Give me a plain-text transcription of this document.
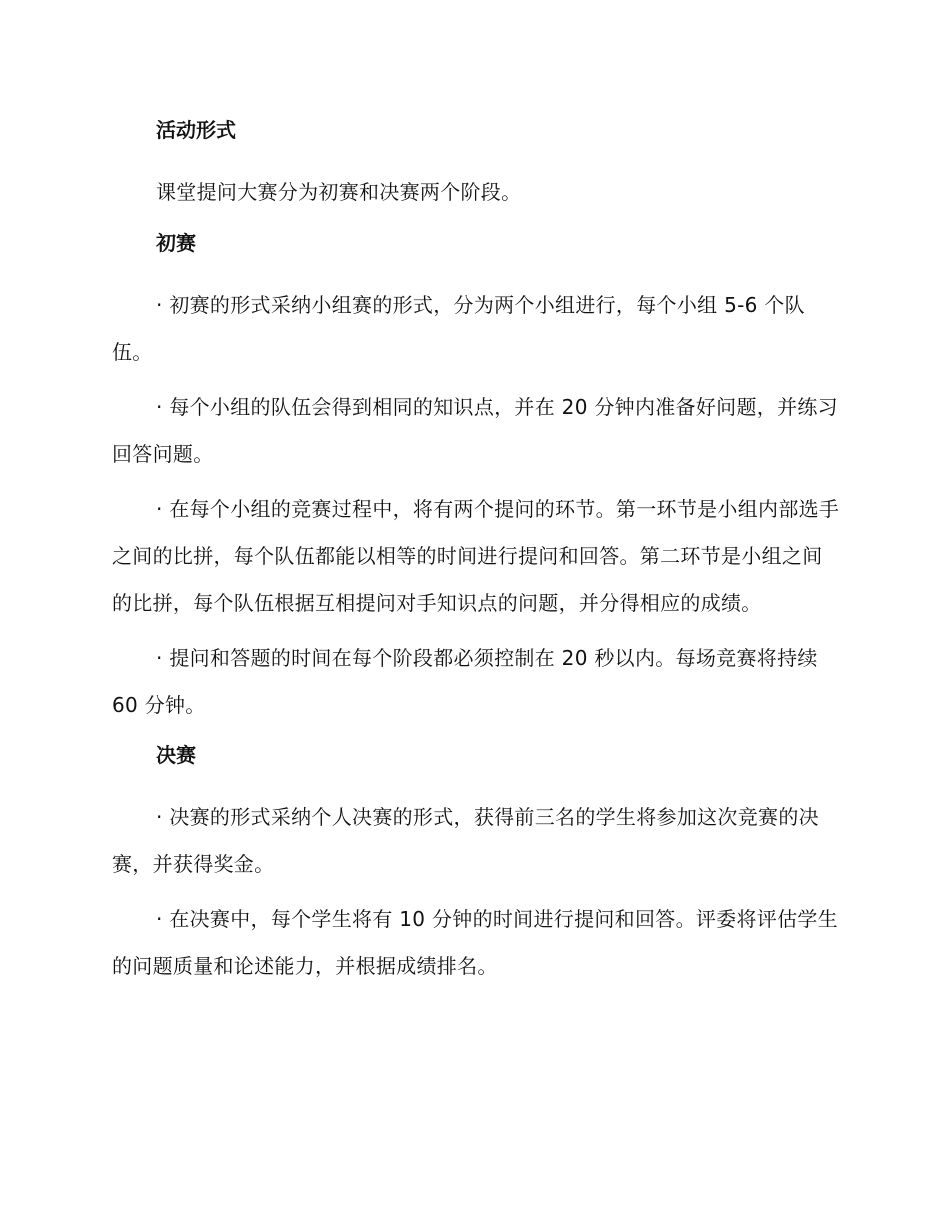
活动形式
课堂提问大赛分为初赛和决赛两个阶段。
初赛
· 初赛的形式采纳小组赛的形式，分为两个小组进行，每个小组 5-6 个队伍。
· 每个小组的队伍会得到相同的知识点，并在 20 分钟内准备好问题，并练习回答问题。
· 在每个小组的竞赛过程中，将有两个提问的环节。第一环节是小组内部选手之间的比拼，每个队伍都能以相等的时间进行提问和回答。第二环节是小组之间的比拼，每个队伍根据互相提问对手知识点的问题，并分得相应的成绩。
· 提问和答题的时间在每个阶段都必须控制在 20 秒以内。每场竞赛将持续 60 分钟。
决赛
· 决赛的形式采纳个人决赛的形式，获得前三名的学生将参加这次竞赛的决赛，并获得奖金。
· 在决赛中，每个学生将有 10 分钟的时间进行提问和回答。评委将评估学生的问题质量和论述能力，并根据成绩排名。
